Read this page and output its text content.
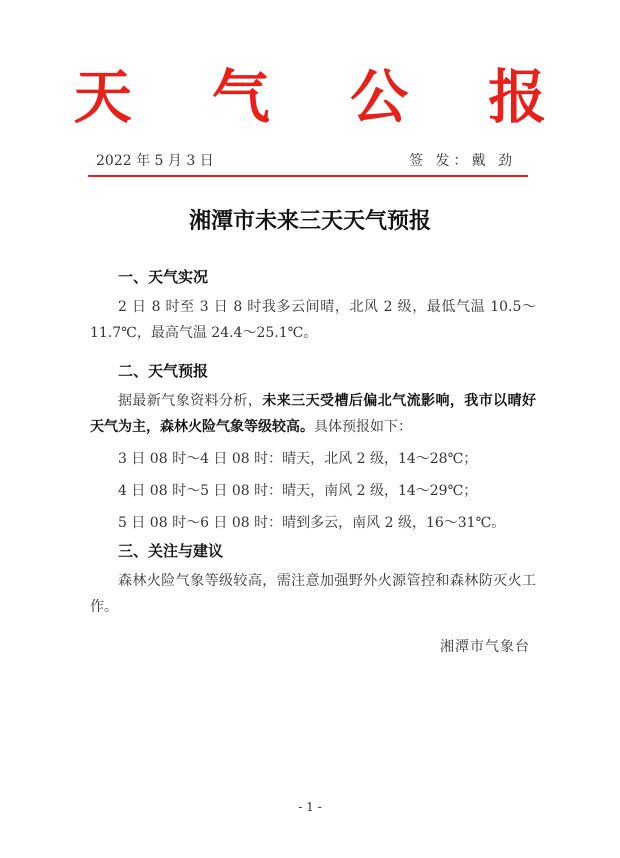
天 气 公 报
2022 年 5 月 3 日	签 发：戴 劲
湘潭市未来三天天气预报
一、天气实况

2 日 8 时至 3 日 8 时我多云间晴，北风 2 级，最低气温 10.5～11.7℃，最高气温 24.4～25.1℃。

二、天气预报

据最新气象资料分析，未来三天受槽后偏北气流影响，我市以晴好天气为主，森林火险气象等级较高。具体预报如下：

3 日 08 时～4 日 08 时：晴天，北风 2 级，14～28℃；

4 日 08 时～5 日 08 时：晴天，南风 2 级，14～29℃；

5 日 08 时～6 日 08 时：晴到多云，南风 2 级，16～31℃。

三、关注与建议

森林火险气象等级较高，需注意加强野外火源管控和森林防灭火工作。

湘潭市气象台
- 1 -
